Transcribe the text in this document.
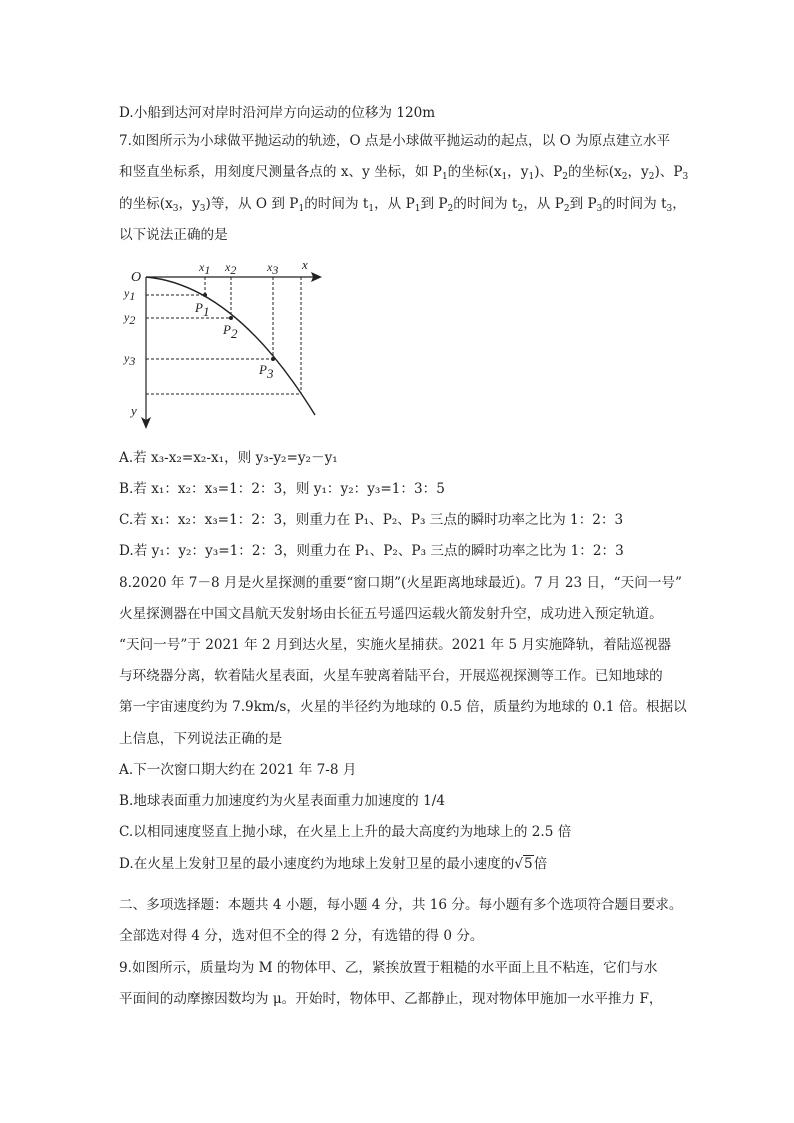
D.小船到达河对岸时沿河岸方向运动的位移为 120m
7.如图所示为小球做平抛运动的轨迹，O 点是小球做平抛运动的起点，以 O 为原点建立水平
和竖直坐标系，用刻度尺测量各点的 x、y 坐标，如 $P_1$的坐标($x_1$，$y_1$)、$P_2$的坐标($x_2$，$y_2$)、$P_3$
的坐标($x_3$，$y_3$)等，从 O 到 $P_1$的时间为 $t_1$，从 $P_1$到 $P_2$的时间为 $t_2$，从 $P_2$到 $P_3$的时间为 $t_3$，
以下说法正确的是
O
x
y
x1 x2	x3
y1
y2
y3
P1
P2
P3
A.若 x₃-x₂=x₂-x₁，则 y₃-y₂=y₂－y₁
B.若 x₁：x₂：x₃=1：2：3，则 y₁：y₂：y₃=1：3：5
C.若 x₁：x₂：x₃=1：2：3，则重力在 P₁、P₂、P₃ 三点的瞬时功率之比为 1：2：3
D.若 y₁：y₂：y₃=1：2：3，则重力在 P₁、P₂、P₃ 三点的瞬时功率之比为 1：2：3
8.2020 年 7－8 月是火星探测的重要“窗口期”(火星距离地球最近)。7 月 23 日，“天问一号”
火星探测器在中国文昌航天发射场由长征五号遥四运载火箭发射升空，成功进入预定轨道。
“天问一号”于 2021 年 2 月到达火星，实施火星捕获。2021 年 5 月实施降轨，着陆巡视器
与环绕器分离，软着陆火星表面，火星车驶离着陆平台，开展巡视探测等工作。已知地球的
第一宇宙速度约为 7.9km/s，火星的半径约为地球的 0.5 倍，质量约为地球的 0.1 倍。根据以
上信息，下列说法正确的是
A.下一次窗口期大约在 2021 年 7-8 月
B.地球表面重力加速度约为火星表面重力加速度的 1/4
C.以相同速度竖直上抛小球，在火星上上升的最大高度约为地球上的 2.5 倍
D.在火星上发射卫星的最小速度约为地球上发射卫星的最小速度的√5倍
二、多项选择题：本题共 4 小题，每小题 4 分，共 16 分。每小题有多个选项符合题目要求。
全部选对得 4 分，选对但不全的得 2 分，有选错的得 0 分。
9.如图所示，质量均为 M 的物体甲、乙，紧挨放置于粗糙的水平面上且不粘连，它们与水
平面间的动摩擦因数均为 μ。开始时，物体甲、乙都静止，现对物体甲施加一水平推力 F，
